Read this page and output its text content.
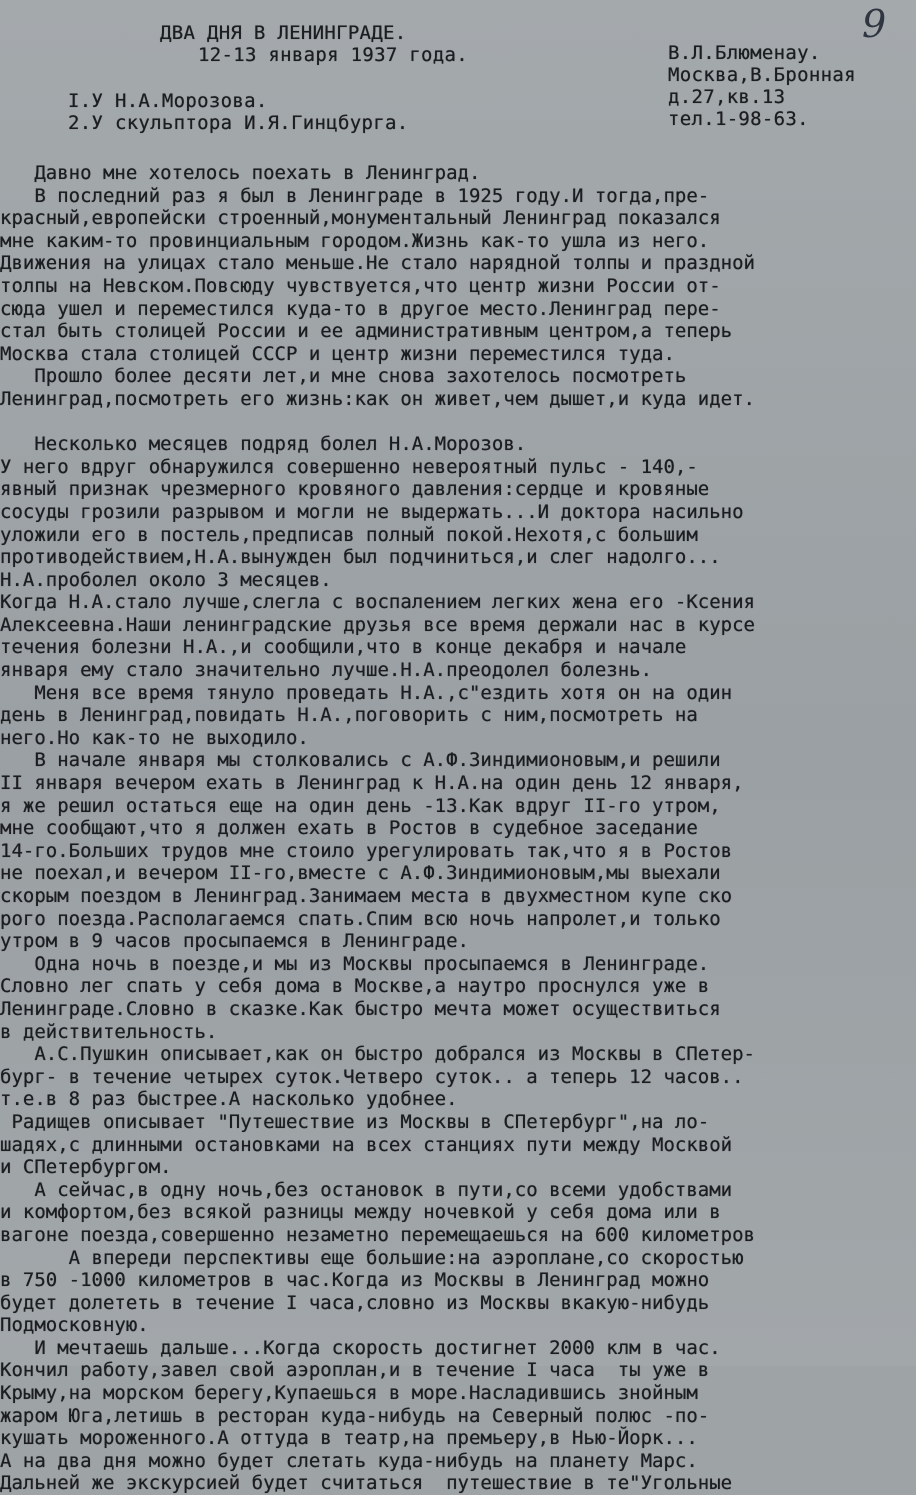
9
ДВА ДНЯ В ЛЕНИНГРАДЕ.
12-13 января 1937 года.	В.Л.Блюменау.
Москва,В.Бронная
д.27,кв.13
тел.1-98-63.
I.У Н.А.Морозова.
2.У скульптора И.Я.Гинцбурга.
Давно мне хотелось поехать в Ленинград.
В последний раз я был в Ленинграде в 1925 году.И тогда,пре-
красный,европейски строенный,монументальный Ленинград показался
мне каким-то провинциальным городом.Жизнь как-то ушла из него.
Движения на улицах стало меньше.Не стало нарядной толпы и праздной
толпы на Невском.Повсюду чувствуется,что центр жизни России от-
сюда ушел и переместился куда-то в другое место.Ленинград пере-
стал быть столицей России и ее административным центром,а теперь
Москва стала столицей СССР и центр жизни переместился туда.
Прошло более десяти лет,и мне снова захотелось посмотреть
Ленинград,посмотреть его жизнь:как он живет,чем дышет,и куда идет.
Несколько месяцев подряд болел Н.А.Морозов.
У него вдруг обнаружился совершенно невероятный пульс - 140,-
явный признак чрезмерного кровяного давления:сердце и кровяные
сосуды грозили разрывом и могли не выдержать...И доктора насильно
уложили его в постель,предписав полный покой.Нехотя,с большим
противодействием,Н.А.вынужден был подчиниться,и слег надолго...
Н.А.проболел около 3 месяцев.
Когда Н.А.стало лучше,слегла с воспалением легких жена его -Ксения
Алексеевна.Наши ленинградские друзья все время держали нас в курсе
течения болезни Н.А.,и сообщили,что в конце декабря и начале
января ему стало значительно лучше.Н.А.преодолел болезнь.
Меня все время тянуло проведать Н.А.,с"ездить хотя он на один
день в Ленинград,повидать Н.А.,поговорить с ним,посмотреть на
него.Но как-то не выходило.
В начале января мы столковались с А.Ф.Зиндимионовым,и решили
II января вечером ехать в Ленинград к Н.А.на один день 12 января,
я же решил остаться еще на один день -13.Как вдруг II-го утром,
мне сообщают,что я должен ехать в Ростов в судебное заседание
14-го.Больших трудов мне стоило урегулировать так,что я в Ростов
не поехал,и вечером II-го,вместе с А.Ф.Зиндимионовым,мы выехали
скорым поездом в Ленинград.Занимаем места в двухместном купе ско
рого поезда.Располагаемся спать.Спим всю ночь напролет,и только
утром в 9 часов просыпаемся в Ленинграде.
Одна ночь в поезде,и мы из Москвы просыпаемся в Ленинграде.
Словно лег спать у себя дома в Москве,а наутро проснулся уже в
Ленинграде.Словно в сказке.Как быстро мечта может осуществиться
в действительность.
А.С.Пушкин описывает,как он быстро добрался из Москвы в СПетер-
бург- в течение четырех суток.Четверо суток.. а теперь 12 часов..
т.е.в 8 раз быстрее.А насколько удобнее.
Радищев описывает "Путешествие из Москвы в СПетербург",на ло-
шадях,с длинными остановками на всех станциях пути между Москвой
и СПетербургом.
А сейчас,в одну ночь,без остановок в пути,со всеми удобствами
и комфортом,без всякой разницы между ночевкой у себя дома или в
вагоне поезда,совершенно незаметно перемещаешься на 600 километров
А впереди перспективы еще большие:на аэроплане,со скоростью
в 750 -1000 километров в час.Когда из Москвы в Ленинград можно
будет долететь в течение I часа,словно из Москвы вкакую-нибудь
Подмосковную.
И мечтаешь дальше...Когда скорость достигнет 2000 клм в час.
Кончил работу,завел свой аэроплан,и в течение I часа  ты уже в
Крыму,на морском берегу,Купаешься в море.Насладившись знойным
жаром Юга,летишь в ресторан куда-нибудь на Северный полюс -по-
кушать мороженного.А оттуда в театр,на премьеру,в Нью-Йорк...
А на два дня можно будет слетать куда-нибудь на планету Марс.
Дальней же экскурсией будет считаться  путешествие в те"Угольные
